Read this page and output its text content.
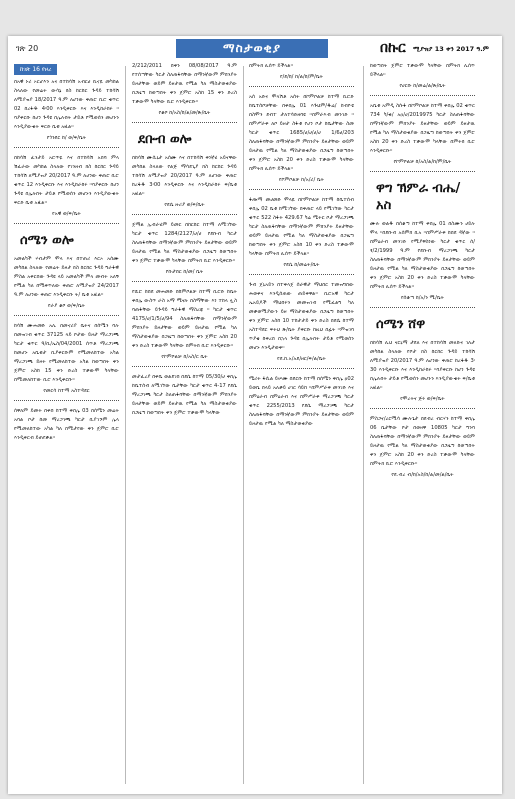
ገጽ 20	ማስታወቂያ	በኩር ሚያዝያ 13 ቀን 2017 ዓ.ም
ከገጽ 16 የዞረ

በአዊ ኑሪ ኦርሆእን አና በተከሳሽ አብርሀ ቢኖዬ መካከል ስላለው የመሬት ውሳኔ ክስ ከርከር ጉዳይ ተከሳሽ ለሚያዝያ 18/2017 ዓ.ም ለሆነው ቀጠሮ ቢሮ ቁጥር 02 ከረፋዱ 4፡00 እንዲቀርቡ እና እንዲከራከሩ ፡፡ባያቀርቡ ከሆነ ጉዳዩ በሌሉበት ታይቶ የሚወሰን መሆኑን እንዲያውቁት ፍርድ ቤቱ አዟል፡፡

የጎንደር ከ/ ወ/ፍ/ቤት

በከሳሽ ፈንታይ አሮጥዬ እና በተከሳሽ አበባ ምላ ሽፈራው መካከል ስላለው የገንዘብ ክስ ከርከር ጉዳይ ተከሳሽ ለሚያዝያ 20/2017 ዓ.ም ለሆነው ቀጠሮ ቢሮ ቁጥር 12 እንዲቀርቡ እና እንዲከራከሩ ፡፡ባያቀርቡ ከሆነ ጉዳዩ በሌሉበት ታይቶ የሚወሰን መሆኑን እንዲያውቁት ፍርድ ቤቱ አዟል፡፡

የአዊ ወ/ፍ/ቤት

ሰሜን ወሎ

አመልካች ሃብታም ሞላ እና በተጠሪ እርኦ አሰሙ መካከል ስላለው የመሬት ይዞታ ክስ ከርከር ጉዳይ ግራፋዊ ምስል አቅርበው ጉዳዩ ላይ አመልካች ምላ መብት አለኝ የሚል ካለ በሚቀጥለው ቀጠሮ ለሚያዝያ 24/2017 ዓ.ም ለሆነው ቀጠሮ እንዲቀርቡ ት/ ቤቱ አዟል፡፡

የራያ ቆቦ ወ/ፍ/ቤት

ከሳሽ ሙሐመድ አሊ በመኖሪያ ቤትና በሰሜን ባሉ በመዝገብ ቁጥር 37125 ላይ ቦታው ይዞታ ማረጋገጫ ካርታ ቁጥር ዓ/ቢ/ኤስ/04/2001 ሰጥቶ ማረጋገጫ ከመሆኑ አቤቱታ ቢያቀርቡም የሚመለከተው አካል ማረጋገጫ ይዞት የሚመለከተው አካል ከወጣበት ቀን ጀምሮ አስከ 15 ቀን ድረስ ተቃውሞ ካላቸው በሚመለከተው ቢሮ እንዲቀርቡ፡፡

የመርሳ ከተማ አስተዳደር

ሰዋለም ይመት በቀበ ከተማ ቀበሌ 03 በሰሜን መሬት አባል ቦታ ከመ ማረጋገጫ ካርታ ቢያገኙም ሌላ የሚመለከተው አካል ካለ በሚታየው ቀን ጀምሮ ቢሮ እንዲቀርብ ይጠየቃል፡፡

2/212/2011 በቀን 08/08/2017 ዓ.ም የተሰጣቸው ካርታ ስለጠፋባቸው በማንኛውም ምክንያት ይዞታቸው ወይም ይዞታዉ የሚል ካለ ማስታወቂያው በጋዜጣ ከወጣበት ቀን ጀምሮ አስከ 15 ቀን ድረስ ተቃውሞ ካላቸው ቢሮ እንዲቀርቡ፡፡

የቆቦ ከ/አስ/ከ/ል/መ/ጽ/ቤት

ደቡብ ወሎ

በከሳሽ ሙሲኒታ አሰሙ እና በተከሳሽ ቀነኛሂ አይናዋው መካከል ስላለው የልጅ ማሳደጊያ ክስ ከርከር ጉዳይ ተከሳሽ ለሚያዝያ 20/2017 ዓ.ም ለሆነው ቀጠሮ ከረፋዱ 3፡00 እንዲቀርቡ እና እንዲከራከሩ ፍ/ቤቱ አዟል፡፡

የደሴ ዙሪያ ወ/ፍ/ቤት

ጀማል ኢብራሂም ይመር በከርከር ከተማ ለሚገኘው ካርታ ቁጥር 1284/2127/ሀ/ሀ የደቡብ ካርታ ስለጠፋባቸው በማንኛውም ምክንያት ይዞታቸው ወይም ይዞታዉ የሚል ካለ ማስታወቂያው በጋዜጣ ከወጣበት ቀን ጀምሮ ተቃውሞ ካላቸው በምትክ ቢሮ እንዲቀርቡ፡፡

የኩታበር ከ/መ/ ቤት

የሺሮ ከበደ መሐመድ በከምቦልቻ ከተማ ቢሮድ ከቤት ቀበሌ ውስጥ ራስ አማ ሚናሉ በስማቸው እነ ተከላ ሏስ ባጠፋቸው ይጉዳይ ግራፋዊ ማስረጃ ፡፡ ካርታ ቁጥር 4175/ሀ/1/5/ሀ/94 ስለጠፋባቸው በማንኛውም ምክንያት ይዞታቸው ወይም ይዞታዉ የሚል ካለ ማስታወቂያው በጋዜጣ ከወጣበት ቀን ጀምሮ አስከ 20 ቀን ድረስ ተቃውሞ ካላቸው በምትክ ቢሮ እንዲቀርቡ፡፡

የኮምቦልቻ ከ/አስ/ር ቤት

መታፈረያ በቀቤ ወልደገበ በደሴ ከተማ 05/30/ሀ ቀበሌ ከቤተሰብ ለሚገኘው ቤታቸው ካርታ ቁጥር 4-17 የደሴ ማረጋገጫ ካርታ ስለጠፋባቸው በማንኛውም ምክንያት ይዞታቸው ወይም ይዞታዉ የሚል ካለ ማስታወቂያው በጋዜጣ ከወጣበት ቀን ጀምሮ ተቃውሞ ካላቸው

በምትክ ሊሰጥ ይችላል፡፡

የ/ደ/ከ/ ከ/ል/ከ/ም/ቤት

አሰ አድና ሞላሽቶ አሰት በኮምቦልቻ ከተማ ቢሮድ ከቤተሰቦቻቸው በቀበሌ 01 እጉህም/ዱሬ/ ከብዮዩ በስሞን ደብተ ታለተሳድዘባዩ ፡፡በምራእብ መንገድ ፡፡በምሥራቅ ለቦ ይዞታ ስፋቱ የሆነ ቦታ ከቤታቸው ስመ ካርታ ቁጥር 1685/ሀ/ሀ/ሀ/ሀ 1/6ሀ/203 ስለጠፋባቸው በማንኛውም ምክንያት ይዞታቸው ወይም ይዞታዉ የሚል ካለ ማስታወቂያው በጋዜጣ ከወጣበት ቀን ጀምሮ አስከ 20 ቀን ድረስ ተቃውሞ ካላቸው በምትክ ሊሰጥ ይችላል፡፡

የኮምቦልቻ ከ/አ/ሪ/ ቤት

ፋጡማ መሀመድ ሞላዬ በኮምቦልቻ ከተማ ከቤተሰብ ቀበሌ 02 ቤቱ ከሚገኘው በቀጠሮ ላይ የሚገኘው ካርታ ቁጥር 522 ስፋት 429.67 ካሬ ሜትር ቦታ ማረጋገጫ ካርታ ስለጠፋባቸው በማንኛውም ምክንያት ይዞታቸው ወይም ይዞታዉ የሚል ካለ ማስታወቂያው በጋዜጣ ከወጣበት ቀን ጀምሮ አስከ 10 ቀን ድረስ ተቃውሞ ካላቸው በምትክ ሊሰጥ ይችላል፡፡

የደሴ ከ/መሬት/ቤት

ጉብ ጀኒአይን በተቀላጀ ሰራዊታ ማህበር ተመዝግበው ሕወቀና እንዲሰጠው ጠይቀዋል፡፡ ቢሮአዊ ካርታ ኤአይዶች ማህበሩን መመዝገብ የሚፈልግ ካለ መቃወሚያውን ይዞ ማስታወቂያው በጋዜጣ ከወጣበት ቀን ጀምሮ አስከ 10 ተከታታይ ቀን ድረስ በደሴ ከተማ አስተዳደር ፍትህ ጽ/ቤት ያቀርቡ ከዚህ በፊት ፡፡ምዝገባ ጥያቄ ከቀረበ በኋላ ጉዳዩ በሌሉበት ታይቶ የሚወሰን መሆኑ እንዲታወቅ፡፡

የደ.ከ.አ/አደ/ዘር/ፍ/ል/ቤት

ሜሪት ፋሲል ይሠሙ በደርቡ ከተማ በሰሜን ቀበሌ ዐ02 ይወቤ በላይ አለቃይ ሀገር ሳይከ ፡፡በምሥራቅ መንገድ እና በምዕራብ በምዕራብ እና በምሥራቅ ማረጋገጫ ካርታ ቁጥር 2255/2013 የደሴ ማረጋገጫ ካርታ ስለጠፋባቸው በማንኛውም ምክንያት ይዞታቸው ወይም ይዞታዉ የሚል ካለ ማስታወቂያው

ከወጣበት ጀምሮ ተቃውሞ ካላቸው በምትክ ሊሰጥ ይችላል፡፡

የሀርቡ ከ/መሬ/ል/ጽ/ቤት

አቤቱ አምዲ ስሱፋ በኮምቦልቻ ከተማ ቀበሌ 02 ቁጥር 734 ካ/ቁ/ አዐ/ሀ/2019975 ካርታ ስለጠፋባቸው በማንኛውም ምክንያት ይዞታቸው ወይም ይዞታዉ የሚል ካለ ማስታወቂያው በጋዜጣ ከወጣበት ቀን ጀምሮ አስከ 20 ቀን ድረስ ተቃውሞ ካላቸው በምትክ ቢሮ እንዲቀርቡ፡፡

የኮምቦልቻ ከ/አስ/ል/ከ/ም/ቤት

ዋግ ኽምራ ብሔ/አስ

ሙሉ ወልዱ በሰቆጣ ከተማ ቀበሌ 01 በስሙን ሀይሉ ሞላ ፡፡በደቡብ አሰምክ ኪአ ፡፡በምሥራቅ ከበደ ዳኛው ፡፡በምዕራብ መንገድ የሚያዋስነው ካርታ ቁጥር ሰ/ፃ/2/1999 ዓ.ም የደቡብ ማረጋገጫ ካርታ ስለጠፋባቸው በማንኛውም ምክንያት ይዞታቸው ወይም ይዞታዉ የሚል ካለ ማስታወቂያው በጋዜጣ ከወጣበት ቀን ጀምሮ አስከ 20 ቀን ድረስ ተቃውሞ ካላቸው በምትክ ሊሰጥ ይችላል፡፡

የሰቆጣ ከ/አ/ን ሚ/ቤት

ሰሜን ሸዋ

በከሳሽ ሊህ ናርኒማ ታደለ እና በተከሳሽ መለኩና ገለታ መካከል ስላለው የቦታ ክስ ከርከር ጉዳይ ተከሳሽ ለሚያዝያ 20/2017 ዓ.ም ለሆነው ቀጠሮ ከረፋዱ 3፡30 እንዲቀርቡ እና እንዲከራከሩ ፡፡ባያቀርቡ ከሆነ ጉዳዩ በሌሉበት ታይቶ የሚወሰን መሆኑን እንዲያውቁት ፍ/ቤቱ አዟል፡፡

የሞረትና ጅሩ ወ/ፍ/ቤት

ምስጋና/ረርሚሳ ሙሉጌታ በደብረ ብርሃን ከተማ ቀበሌ 06 ቤታቸው ቦታ በወዛዋ 10805 ካርታ ግንባ ስለጠፋባቸው በማንኛውም ምክንያት ይዞታቸው ወይም ይዞታዉ የሚል ካለ ማስታወቂያው በጋዜጣ ከወጣበት ቀን ጀምሮ አስከ 20 ቀን ድረስ ተቃውሞ ካላቸው በምትክ ቢሮ እንዲቀርቡ፡፡

የደ.ብረ ብ/ከ/አስ/ከ/ል/መ/ል/ቤት
